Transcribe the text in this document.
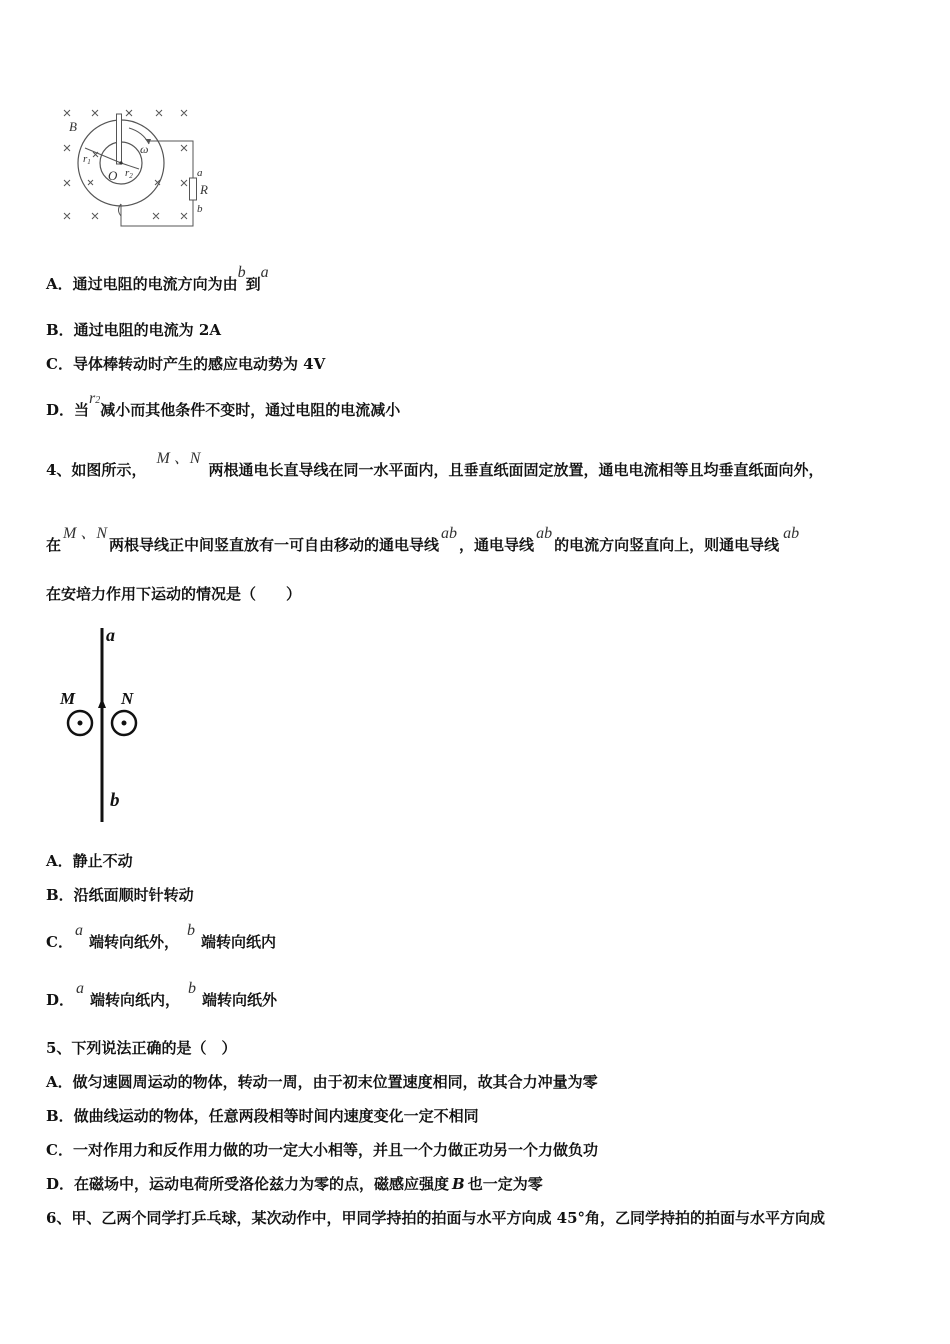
B
r1
r2
O
ω
a
R
b
A．通过电阻的电流方向为由b到a
B．通过电阻的电流为 2A
C．导体棒转动时产生的感应电动势为 4V
D．当r2减小而其他条件不变时，通过电阻的电流减小
4、如图所示，M 、N两根通电长直导线在同一水平面内，且垂直纸面固定放置，通电电流相等且均垂直纸面向外，
在M 、N两根导线正中间竖直放有一可自由移动的通电导线ab，通电导线ab的电流方向竖直向上，则通电导线ab
在安培力作用下运动的情况是（　　）
a
M	N
b
A．静止不动
B．沿纸面顺时针转动
C．a端转向纸外，b端转向纸内
D．a端转向纸内，b端转向纸外
5、下列说法正确的是（　）
A．做匀速圆周运动的物体，转动一周，由于初末位置速度相同，故其合力冲量为零
B．做曲线运动的物体，任意两段相等时间内速度变化一定不相同
C．一对作用力和反作用力做的功一定大小相等，并且一个力做正功另一个力做负功
D．在磁场中，运动电荷所受洛伦兹力为零的点，磁感应强度 B 也一定为零
6、甲、乙两个同学打乒乓球，某次动作中，甲同学持拍的拍面与水平方向成 45°角，乙同学持拍的拍面与水平方向成
